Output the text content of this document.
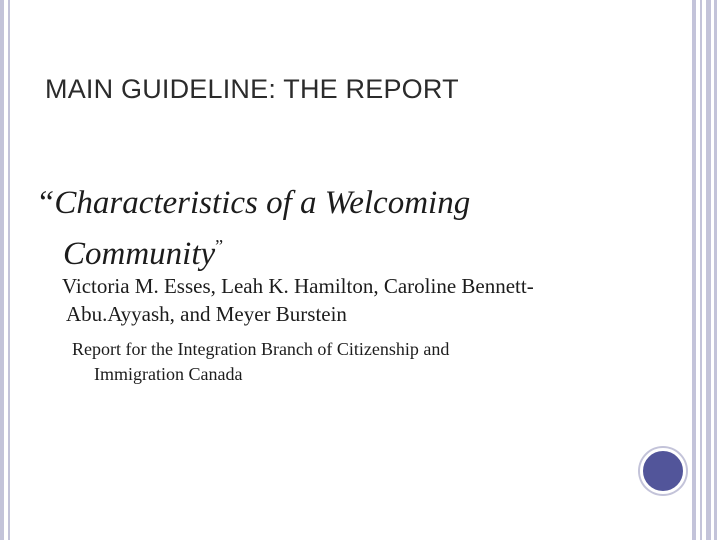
MAIN GUIDELINE: THE REPORT
“Characteristics of a Welcoming
Community”
Victoria M. Esses, Leah K. Hamilton, Caroline Bennett-
Abu.Ayyash, and Meyer Burstein
Report for the Integration Branch of Citizenship and
Immigration Canada
